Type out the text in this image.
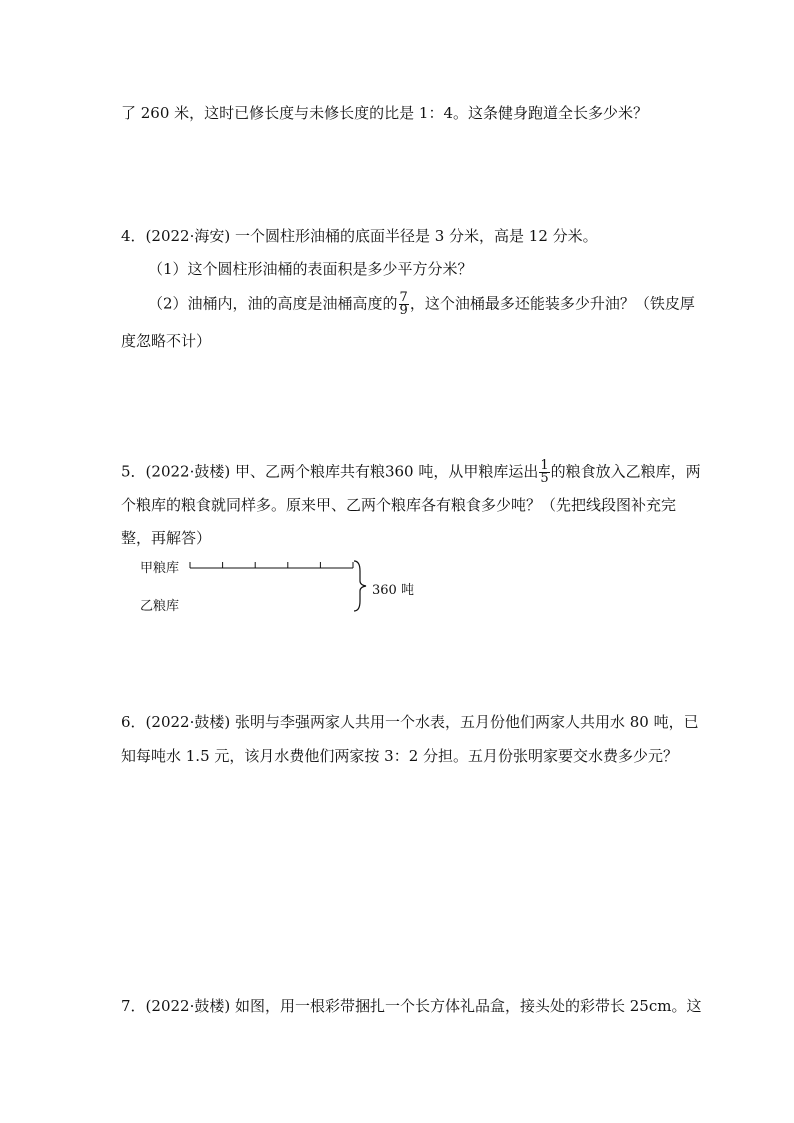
了 260 米，这时已修长度与未修长度的比是 1：4。这条健身跑道全长多少米？
4．(2022·海安) 一个圆柱形油桶的底面半径是 3 分米，高是 12 分米。
（1）这个圆柱形油桶的表面积是多少平方分米？
（2）油桶内，油的高度是油桶高度的 $\frac{7}{9}$ ，这个油桶最多还能装多少升油？（铁皮厚
度忽略不计）
5．(2022·鼓楼) 甲、乙两个粮库共有粮360 吨，从甲粮库运出 $\frac{1}{5}$ 的粮食放入乙粮库，两
个粮库的粮食就同样多。原来甲、乙两个粮库各有粮食多少吨？（先把线段图补充完
整，再解答）
甲粮库
乙粮库
360 吨
6．(2022·鼓楼) 张明与李强两家人共用一个水表，五月份他们两家人共用水 80 吨，已
知每吨水 1.5 元，该月水费他们两家按 3：2 分担。五月份张明家要交水费多少元？
7．(2022·鼓楼) 如图，用一根彩带捆扎一个长方体礼品盒，接头处的彩带长 25cm。这
